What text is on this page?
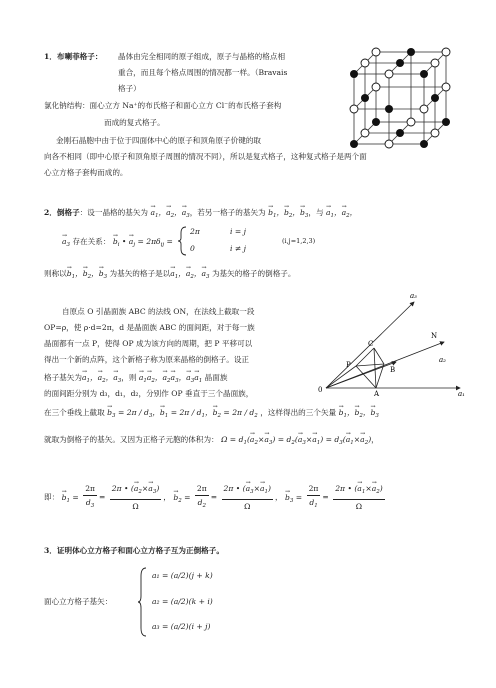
1．布喇菲格子： 晶体由完全相同的原子组成，原子与晶格的格点相
重合，而且每个格点周围的情况都一样。（Bravais
格子）
氯化钠结构：面心立方 Na⁺的布氏格子和面心立方 Cl⁻的布氏格子套构
而成的复式格子。
金刚石晶胞中由于位于四面体中心的原子和顶角原子价键的取
向各不相同（即中心原子和顶角原子周围的情况不同），所以是复式格子，这种复式格子是两个面
心立方格子套构而成的。
2．倒格子：设一晶格的基矢为 → $a_1$，→ $a_2$，→ $a_3$，若另一格子的基矢为 → $b_1$，→ $b_2$，→ $b_3$，与 → $a_1$，→ $a_2$，
→ $a_3$ 存在关系： → $b_i$ • → $a_j = 2\pi\delta_{ij}$ =
2π	i = j
0	i ≠ j
(i,j=1,2,3)
则称以→ $b_1$，→ $b_2$，→ $b_3$ 为基矢的格子是以→ $a_1$，→ $a_2$，→ $a_3$ 为基矢的格子的倒格子。
自原点 O 引晶面族 ABC 的法线 ON，在法线上截取一段
OP=ρ，使 ρ·d=2π，d 是晶面族 ABC 的面间距，对于每一族
晶面都有一点 P，使得 OP 成为该方向的周期，把 P 平移可以
得出一个新的点阵，这个新格子称为原来晶格的倒格子。设正
格子基矢为→ $a_1$，→ $a_2$，→ $a_3$，则 → $a_1\to a_2$，→ $a_2\to a_3$，→ $a_3\to a_1$ 晶面族
的面间距分别为 d₃，d₁，d₂，分别作 OP 垂直于三个晶面族，
a₃
N
C
a₂
P
B
0	A	a₁
在三个垂线上截取 → $b_3 = 2\pi / d_3$，→ $b_1 = 2\pi / d_1$，→ $b_2 = 2\pi / d_2$ ，这样得出的三个矢量 → $b_1$，→ $b_2$，→ $b_3$
就取为倒格子的基矢。又因为正格子元胞的体积为： $\Omega = d_1(\to a_2\times\to a_3) = d_2(\to a_3\times\to a_1) = d_3(\to a_1\times\to a_2)$，
即： → $b_1 = \frac{2\pi}{d_3} = \frac{2\pi • (\to a_2\times\to a_3)}{\Omega}$ ， → $b_2 = \frac{2\pi}{d_2} = \frac{2\pi • (\to a_3\times\to a_1)}{\Omega}$ ， → $b_3 = \frac{2\pi}{d_1} = \frac{2\pi • (\to a_1\times\to a_2)}{\Omega}$
3．证明体心立方格子和面心立方格子互为正倒格子。
面心立方格子基矢：
a₁ = (a/2)(j + k)
a₂ = (a/2)(k + i)
a₃ = (a/2)(i + j)
